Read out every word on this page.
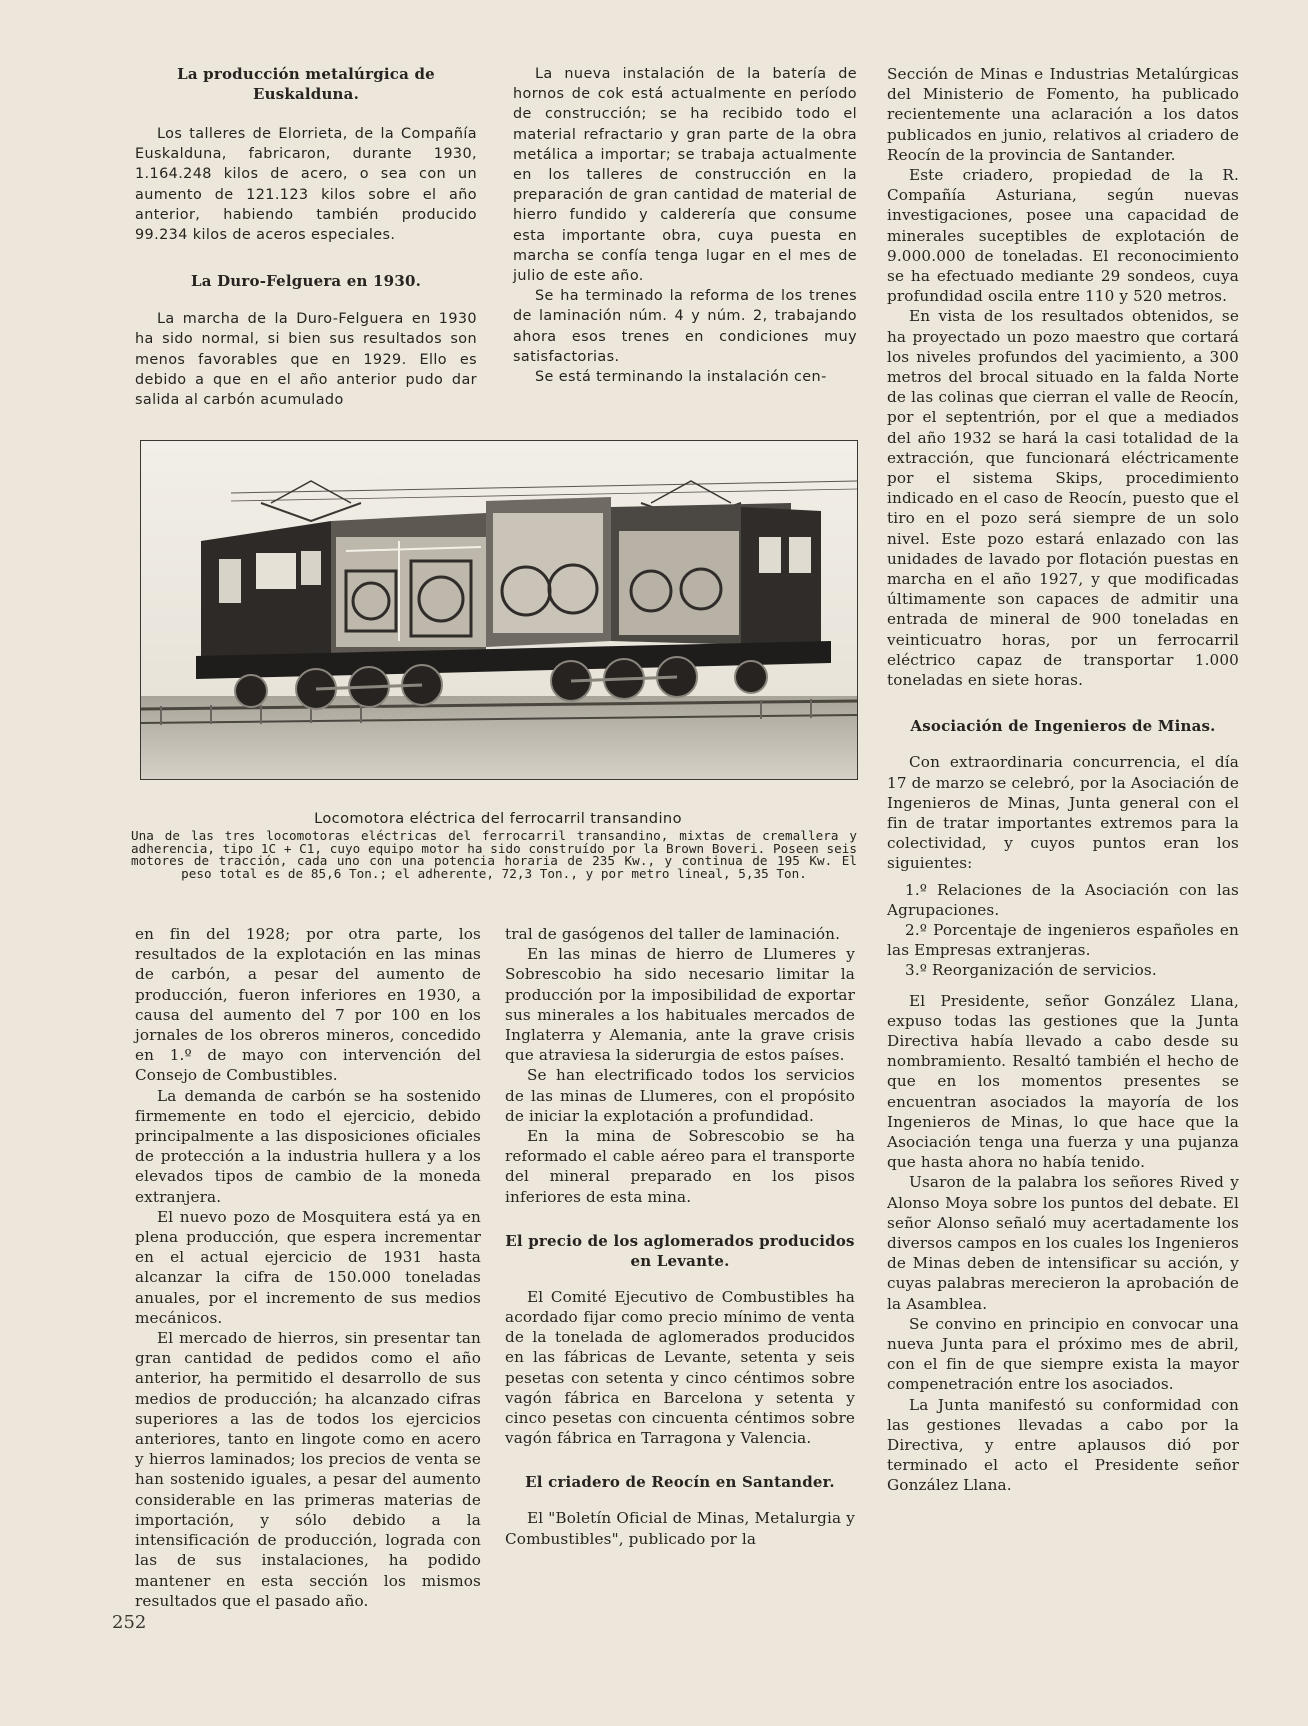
La producción metalúrgica de Euskalduna.

Los talleres de Elorrieta, de la Compañía Euskalduna, fabricaron, durante 1930, 1.164.248 kilos de acero, o sea con un aumento de 121.123 kilos sobre el año anterior, habiendo también producido 99.234 kilos de aceros especiales.

La Duro-Felguera en 1930.

La marcha de la Duro-Felguera en 1930 ha sido normal, si bien sus resultados son menos favorables que en 1929. Ello es debido a que en el año anterior pudo dar salida al carbón acumulado

La nueva instalación de la batería de hornos de cok está actualmente en período de construcción; se ha recibido todo el material refractario y gran parte de la obra metálica a importar; se trabaja actualmente en los talleres de construcción en la preparación de gran cantidad de material de hierro fundido y calderería que consume esta importante obra, cuya puesta en marcha se confía tenga lugar en el mes de julio de este año.

Se ha terminado la reforma de los trenes de laminación núm. 4 y núm. 2, trabajando ahora esos trenes en condiciones muy satisfactorias.

Se está terminando la instalación cen-

Sección de Minas e Industrias Metalúrgicas del Ministerio de Fomento, ha publicado recientemente una aclaración a los datos publicados en junio, relativos al criadero de Reocín de la provincia de Santander.

Este criadero, propiedad de la R. Compañía Asturiana, según nuevas investigaciones, posee una capacidad de minerales suceptibles de explotación de 9.000.000 de toneladas. El reconocimiento se ha efectuado mediante 29 sondeos, cuya profundidad oscila entre 110 y 520 metros.

En vista de los resultados obtenidos, se ha proyectado un pozo maestro que cortará los niveles profundos del yacimiento, a 300 metros del brocal situado en la falda Norte de las colinas que cierran el valle de Reocín, por el septentrión, por el que a mediados del año 1932 se hará la casi totalidad de la extracción, que funcionará eléctricamente por el sistema Skips, procedimiento indicado en el caso de Reocín, puesto que el tiro en el pozo será siempre de un solo nivel. Este pozo estará enlazado con las unidades de lavado por flotación puestas en marcha en el año 1927, y que modificadas últimamente son capaces de admitir una entrada de mineral de 900 toneladas en veinticuatro horas, por un ferrocarril eléctrico capaz de transportar 1.000 toneladas en siete horas.

Asociación de Ingenieros de Minas.

Con extraordinaria concurrencia, el día 17 de marzo se celebró, por la Asociación de Ingenieros de Minas, Junta general con el fin de tratar importantes extremos para la colectividad, y cuyos puntos eran los siguientes:

1.º Relaciones de la Asociación con las Agrupaciones.

2.º Porcentaje de ingenieros españoles en las Empresas extranjeras.

3.º Reorganización de servicios.

El Presidente, señor González Llana, expuso todas las gestiones que la Junta Directiva había llevado a cabo desde su nombramiento. Resaltó también el hecho de que en los momentos presentes se encuentran asociados la mayoría de los Ingenieros de Minas, lo que hace que la Asociación tenga una fuerza y una pujanza que hasta ahora no había tenido.

Usaron de la palabra los señores Rived y Alonso Moya sobre los puntos del debate. El señor Alonso señaló muy acertadamente los diversos campos en los cuales los Ingenieros de Minas deben de intensificar su acción, y cuyas palabras merecieron la aprobación de la Asamblea.

Se convino en principio en convocar una nueva Junta para el próximo mes de abril, con el fin de que siempre exista la mayor compenetración entre los asociados.

La Junta manifestó su conformidad con las gestiones llevadas a cabo por la Directiva, y entre aplausos dió por terminado el acto el Presidente señor González Llana.

Locomotora eléctrica del ferrocarril transandino
Una de las tres locomotoras eléctricas del ferrocarril transandino, mixtas de cremallera y adherencia, tipo 1C + C1, cuyo equipo motor ha sido construído por la Brown Boveri. Poseen seis motores de tracción, cada uno con una potencia horaria de 235 Kw., y continua de 195 Kw. El peso total es de 85,6 Ton.; el adherente, 72,3 Ton., y por metro lineal, 5,35 Ton.

en fin del 1928; por otra parte, los resultados de la explotación en las minas de carbón, a pesar del aumento de producción, fueron inferiores en 1930, a causa del aumento del 7 por 100 en los jornales de los obreros mineros, concedido en 1.º de mayo con intervención del Consejo de Combustibles.

La demanda de carbón se ha sostenido firmemente en todo el ejercicio, debido principalmente a las disposiciones oficiales de protección a la industria hullera y a los elevados tipos de cambio de la moneda extranjera.

El nuevo pozo de Mosquitera está ya en plena producción, que espera incrementar en el actual ejercicio de 1931 hasta alcanzar la cifra de 150.000 toneladas anuales, por el incremento de sus medios mecánicos.

El mercado de hierros, sin presentar tan gran cantidad de pedidos como el año anterior, ha permitido el desarrollo de sus medios de producción; ha alcanzado cifras superiores a las de todos los ejercicios anteriores, tanto en lingote como en acero y hierros laminados; los precios de venta se han sostenido iguales, a pesar del aumento considerable en las primeras materias de importación, y sólo debido a la intensificación de producción, lograda con las de sus instalaciones, ha podido mantener en esta sección los mismos resultados que el pasado año.

tral de gasógenos del taller de laminación.

En las minas de hierro de Llumeres y Sobrescobio ha sido necesario limitar la producción por la imposibilidad de exportar sus minerales a los habituales mercados de Inglaterra y Alemania, ante la grave crisis que atraviesa la siderurgia de estos países.

Se han electrificado todos los servicios de las minas de Llumeres, con el propósito de iniciar la explotación a profundidad.

En la mina de Sobrescobio se ha reformado el cable aéreo para el transporte del mineral preparado en los pisos inferiores de esta mina.

El precio de los aglomerados producidos en Levante.

El Comité Ejecutivo de Combustibles ha acordado fijar como precio mínimo de venta de la tonelada de aglomerados producidos en las fábricas de Levante, setenta y seis pesetas con setenta y cinco céntimos sobre vagón fábrica en Barcelona y setenta y cinco pesetas con cincuenta céntimos sobre vagón fábrica en Tarragona y Valencia.

El criadero de Reocín en Santander.

El "Boletín Oficial de Minas, Metalurgia y Combustibles", publicado por la

252
